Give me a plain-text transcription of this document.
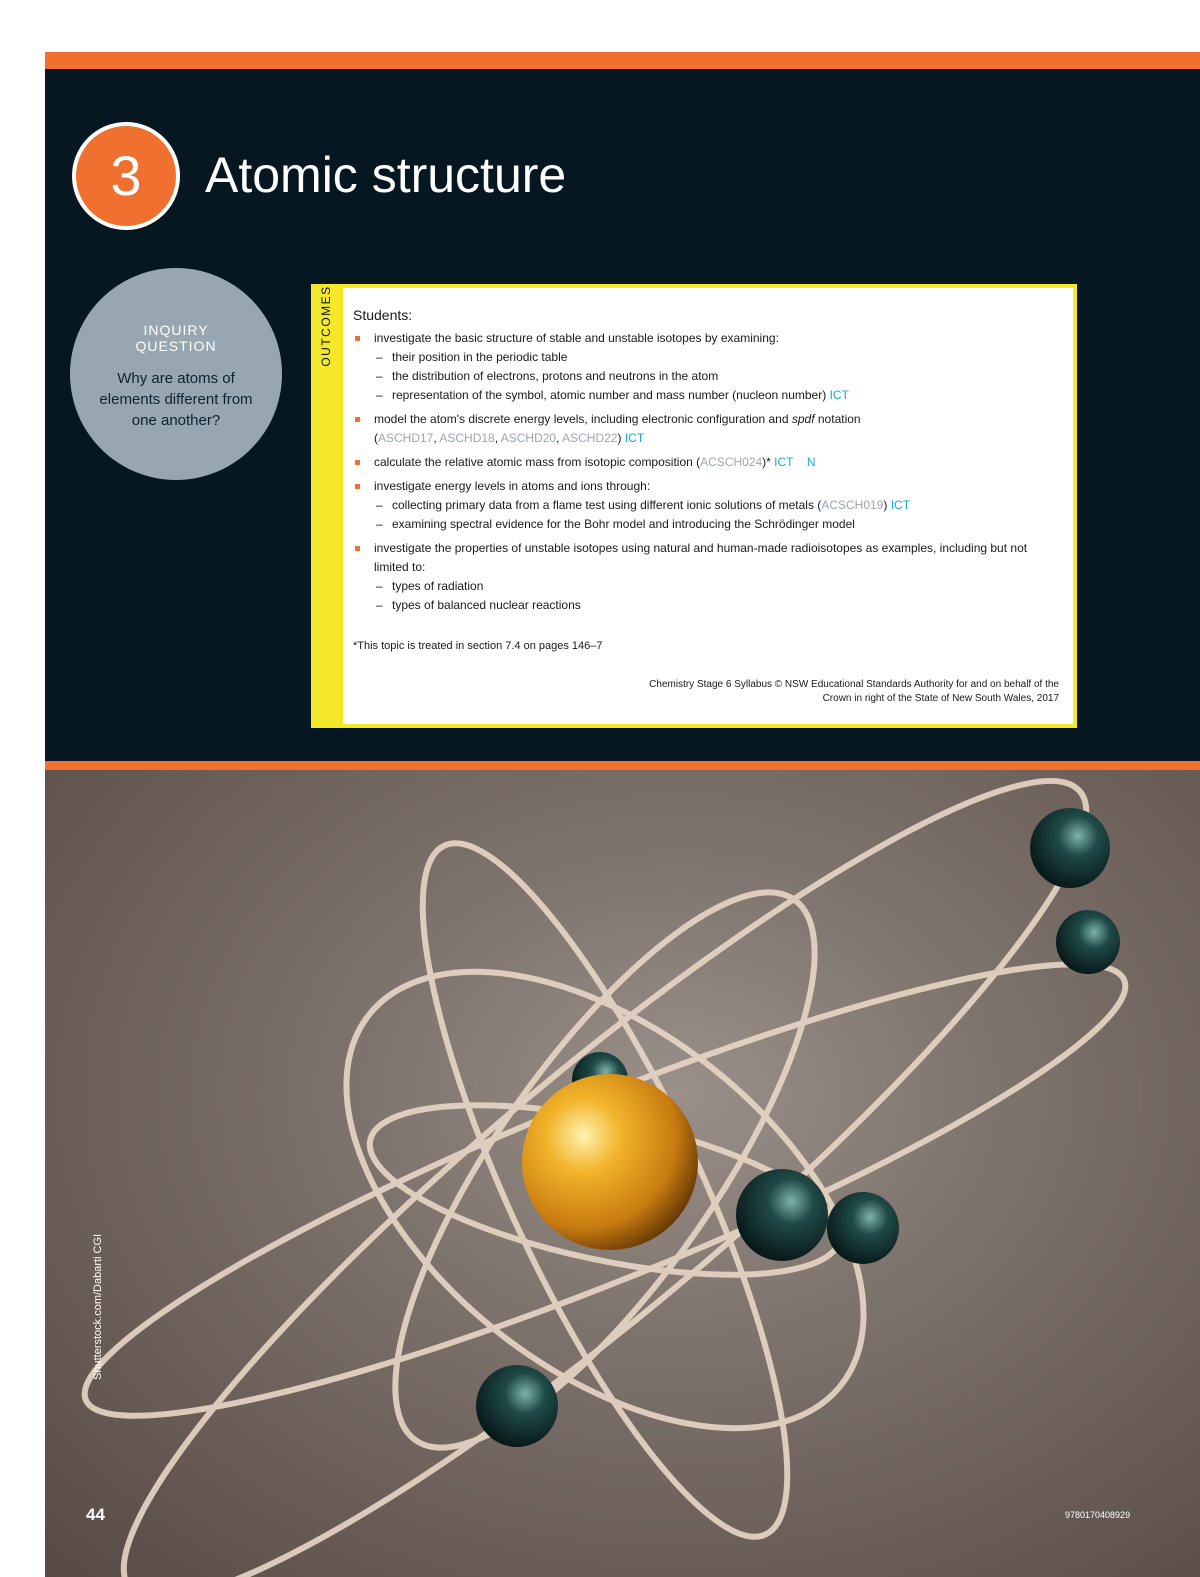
3	Atomic structure
INQUIRY QUESTION
Why are atoms of elements different from one another?
OUTCOMES Students:

investigate the basic structure of stable and unstable isotopes by examining:
– their position in the periodic table
– the distribution of electrons, protons and neutrons in the atom
– representation of the symbol, atomic number and mass number (nucleon number) ICT
model the atom's discrete energy levels, including electronic configuration and spdf notation
(ASCHD17, ASCHD18, ASCHD20, ASCHD22) ICT
calculate the relative atomic mass from isotopic composition (ACSCH024)* ICT N
investigate energy levels in atoms and ions through:
– collecting primary data from a flame test using different ionic solutions of metals (ACSCH019) ICT
– examining spectral evidence for the Bohr model and introducing the Schrödinger model
investigate the properties of unstable isotopes using natural and human-made radioisotopes as examples, including but not limited to:
– types of radiation
– types of balanced nuclear reactions
*This topic is treated in section 7.4 on pages 146–7
Chemistry Stage 6 Syllabus © NSW Educational Standards Authority for and on behalf of the
Crown in right of the State of New South Wales, 2017
Shutterstock.com/Dabarti CGI

44	9780170408929
